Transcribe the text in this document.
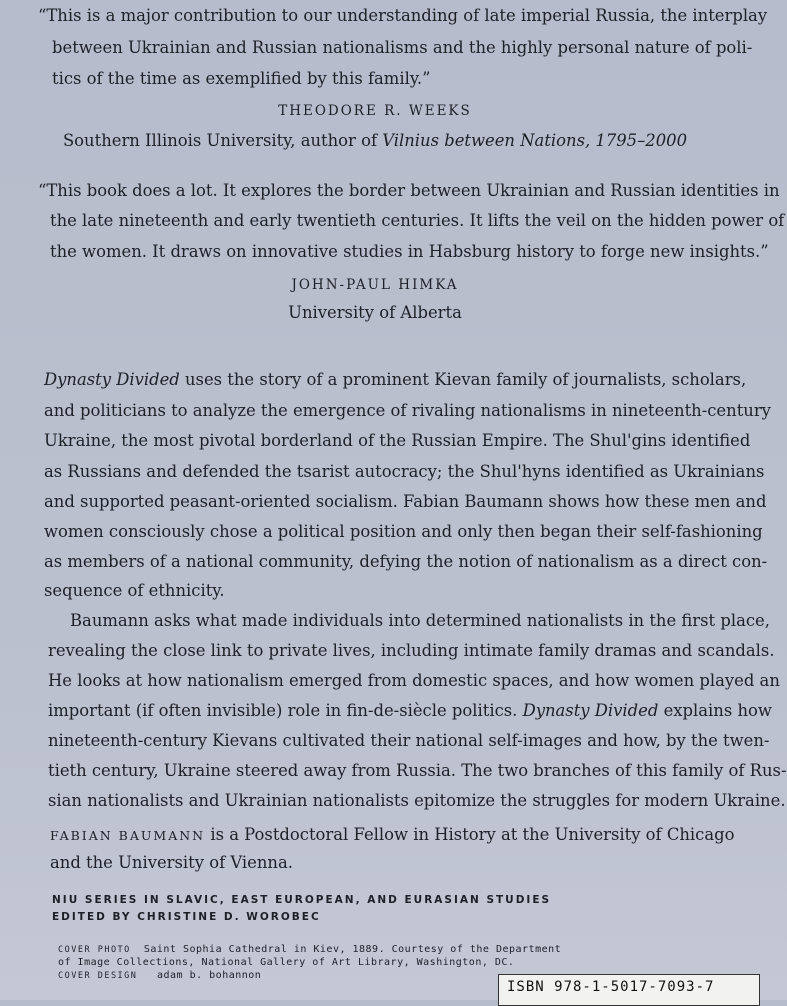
“This is a major contribution to our understanding of late imperial Russia, the interplay

between Ukrainian and Russian nationalisms and the highly personal nature of poli-

tics of the time as exemplified by this family.”

THEODORE R. WEEKS

Southern Illinois University, author of Vilnius between Nations, 1795–2000

“This book does a lot. It explores the border between Ukrainian and Russian identities in

the late nineteenth and early twentieth centuries. It lifts the veil on the hidden power of

the women. It draws on innovative studies in Habsburg history to forge new insights.”

JOHN-PAUL HIMKA

University of Alberta

Dynasty Divided uses the story of a prominent Kievan family of journalists, scholars,

and politicians to analyze the emergence of rivaling nationalisms in nineteenth-century

Ukraine, the most pivotal borderland of the Russian Empire. The Shul'gins identified

as Russians and defended the tsarist autocracy; the Shul'hyns identified as Ukrainians

and supported peasant-oriented socialism. Fabian Baumann shows how these men and

women consciously chose a political position and only then began their self-fashioning

as members of a national community, defying the notion of nationalism as a direct con-

sequence of ethnicity.

Baumann asks what made individuals into determined nationalists in the first place,

revealing the close link to private lives, including intimate family dramas and scandals.

He looks at how nationalism emerged from domestic spaces, and how women played an

important (if often invisible) role in fin-de-siècle politics. Dynasty Divided explains how

nineteenth-century Kievans cultivated their national self-images and how, by the twen-

tieth century, Ukraine steered away from Russia. The two branches of this family of Rus-

sian nationalists and Ukrainian nationalists epitomize the struggles for modern Ukraine.

FABIAN BAUMANN is a Postdoctoral Fellow in History at the University of Chicago

and the University of Vienna.

NIU SERIES IN SLAVIC, EAST EUROPEAN, AND EURASIAN STUDIES

EDITED BY CHRISTINE D. WOROBEC

COVER PHOTO Saint Sophia Cathedral in Kiev, 1889. Courtesy of the Department

of Image Collections, National Gallery of Art Library, Washington, DC.

COVER DESIGN adam b. bohannon

ISBN 978-1-5017-7093-7
